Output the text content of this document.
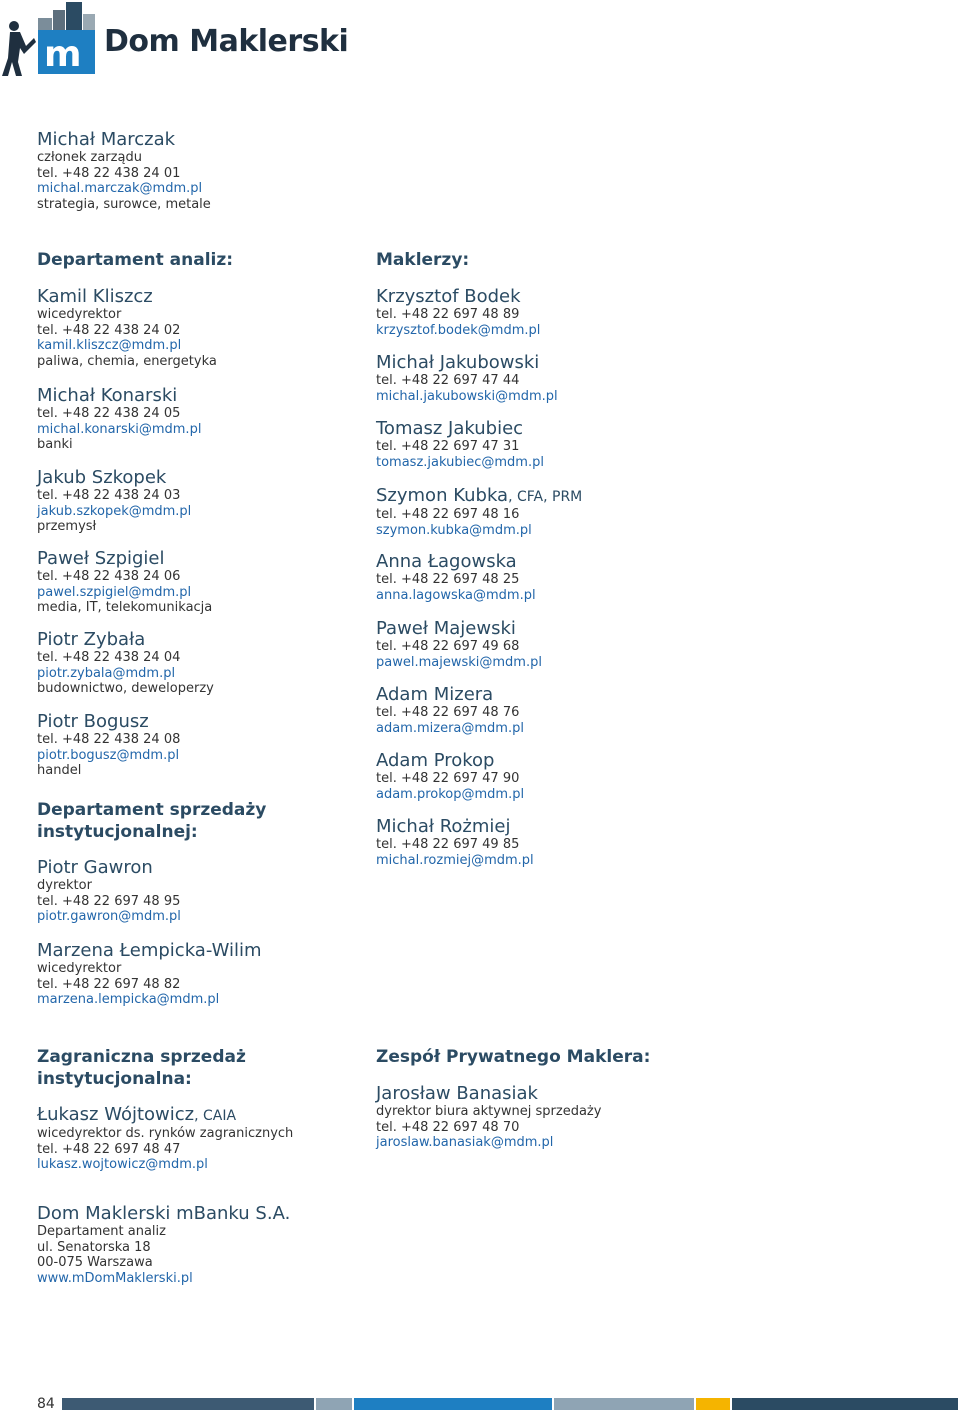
m Dom Maklerski
Michał Marczak
członek zarządu
tel. +48 22 438 24 01
michal.marczak@mdm.pl
strategia, surowce, metale
Departament analiz:
Kamil Kliszcz
wicedyrektor
tel. +48 22 438 24 02
kamil.kliszcz@mdm.pl
paliwa, chemia, energetyka
Michał Konarski
tel. +48 22 438 24 05
michal.konarski@mdm.pl
banki
Jakub Szkopek
tel. +48 22 438 24 03
jakub.szkopek@mdm.pl
przemysł
Paweł Szpigiel
tel. +48 22 438 24 06
pawel.szpigiel@mdm.pl
media, IT, telekomunikacja
Piotr Zybała
tel. +48 22 438 24 04
piotr.zybala@mdm.pl
budownictwo, deweloperzy
Piotr Bogusz
tel. +48 22 438 24 08
piotr.bogusz@mdm.pl
handel
Departament sprzedaży
instytucjonalnej:
Piotr Gawron
dyrektor
tel. +48 22 697 48 95
piotr.gawron@mdm.pl
Marzena Łempicka-Wilim
wicedyrektor
tel. +48 22 697 48 82
marzena.lempicka@mdm.pl
Maklerzy:
Krzysztof Bodek
tel. +48 22 697 48 89
krzysztof.bodek@mdm.pl
Michał Jakubowski
tel. +48 22 697 47 44
michal.jakubowski@mdm.pl
Tomasz Jakubiec
tel. +48 22 697 47 31
tomasz.jakubiec@mdm.pl
Szymon Kubka, CFA, PRM
tel. +48 22 697 48 16
szymon.kubka@mdm.pl
Anna Łagowska
tel. +48 22 697 48 25
anna.lagowska@mdm.pl
Paweł Majewski
tel. +48 22 697 49 68
pawel.majewski@mdm.pl
Adam Mizera
tel. +48 22 697 48 76
adam.mizera@mdm.pl
Adam Prokop
tel. +48 22 697 47 90
adam.prokop@mdm.pl
Michał Rożmiej
tel. +48 22 697 49 85
michal.rozmiej@mdm.pl
Zagraniczna sprzedaż
instytucjonalna:
Łukasz Wójtowicz, CAIA
wicedyrektor ds. rynków zagranicznych
tel. +48 22 697 48 47
lukasz.wojtowicz@mdm.pl
Zespół Prywatnego Maklera:
Jarosław Banasiak
dyrektor biura aktywnej sprzedaży
tel. +48 22 697 48 70
jaroslaw.banasiak@mdm.pl
Dom Maklerski mBanku S.A.
Departament analiz
ul. Senatorska 18
00-075 Warszawa
www.mDomMaklerski.pl
84
